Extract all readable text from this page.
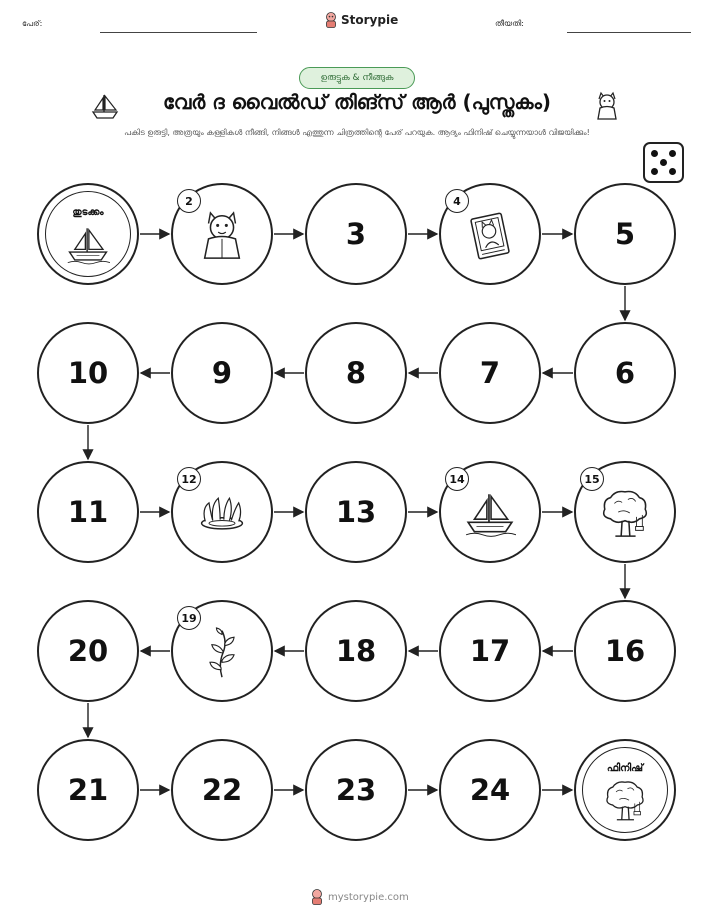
പേര്:	Storypie	തീയതി:
ഉരുട്ടുക & നീങ്ങുക
വേർ ദ വൈൽഡ് തിങ്സ് ആർ (പുസ്തകം)
പകിട ഉരുട്ടി, അത്രയും കള്ളികൾ നീങ്ങി, നിങ്ങൾ എത്തുന്ന ചിത്രത്തിന്റെ പേര് പറയുക. ആദ്യം ഫിനിഷ് ചെയ്യുന്നയാൾ വിജയിക്കും!
തുടക്കം
2
3
4
5
6
7
8
9
10
11
12
13
14	15
16
17
18
19
20
21	22	23	24
ഫിനിഷ്
mystorypie.com
